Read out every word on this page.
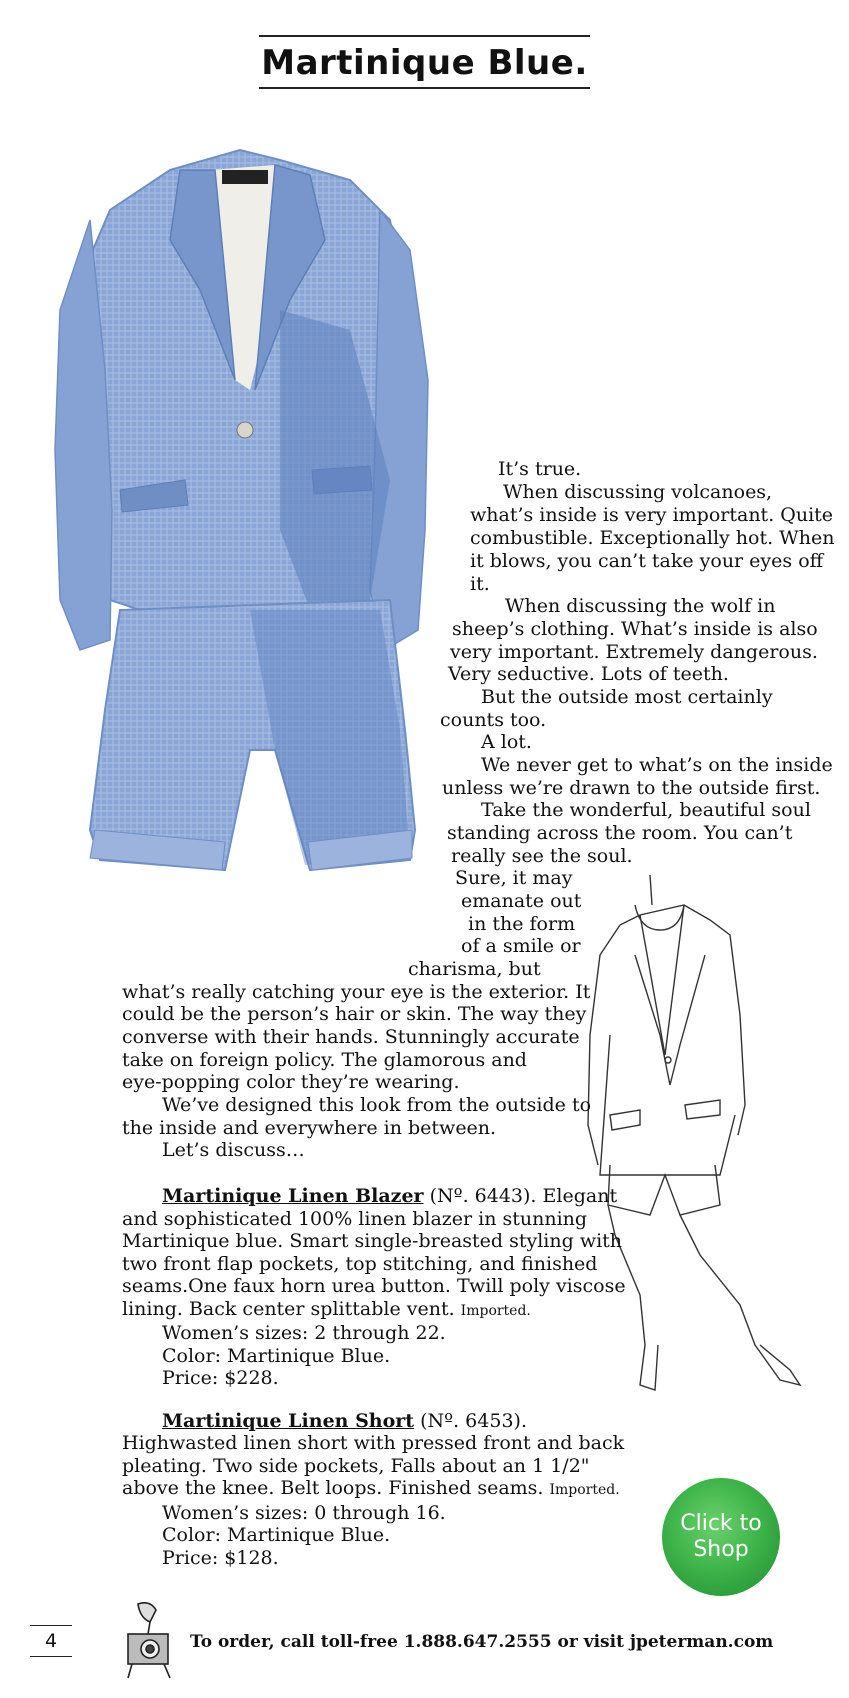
Martinique Blue.

It’s true.

When discussing volcanoes,

what’s inside is very important. Quite

combustible. Exceptionally hot. When

it blows, you can’t take your eyes off

it.

When discussing the wolf in

sheep’s clothing. What’s inside is also

very important. Extremely dangerous.

Very seductive. Lots of teeth.

But the outside most certainly

counts too.

A lot.

We never get to what’s on the inside

unless we’re drawn to the outside first.

Take the wonderful, beautiful soul

standing across the room. You can’t

really see the soul.

Sure, it may

emanate out

in the form

of a smile or

charisma, but

what’s really catching your eye is the exterior. It

could be the person’s hair or skin. The way they

converse with their hands. Stunningly accurate

take on foreign policy. The glamorous and

eye-popping color they’re wearing.

We’ve designed this look from the outside to

the inside and everywhere in between.

Let’s discuss…

Martinique Linen Blazer (Nº. 6443). Elegant and sophisticated 100% linen blazer in stunning Martinique blue. Smart single-breasted styling with two front flap pockets, top stitching, and finished seams.One faux horn urea button. Twill poly viscose lining. Back center splittable vent. Imported.
Women’s sizes: 2 through 22.
Color: Martinique Blue.
Price: $228.
Martinique Linen Short (Nº. 6453). Highwasted linen short with pressed front and back pleating. Two side pockets, Falls about an 1 1/2" above the knee. Belt loops. Finished seams. Imported.
Women’s sizes: 0 through 16.
Color: Martinique Blue.
Price: $128.
Click to
Shop
4	To order, call toll-free 1.888.647.2555 or visit jpeterman.com
